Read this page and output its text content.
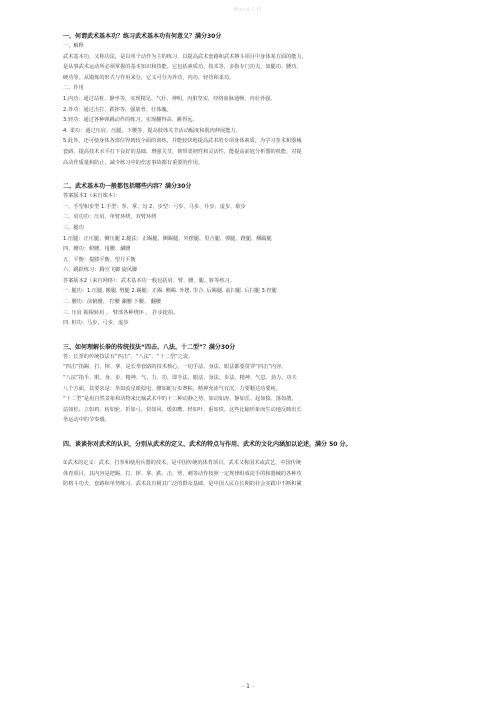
Word文档

一、何谓武术基本功？练习武术基本功有何意义？满分30分

一、解释

武术基本功，又称功法，是以单个动作为主的练习，以提高武术套路和武术搏斗项目中身体某方面的能力，

是从事武术运动所必须掌握的基本知识和技能。它包括素质功、技术等，多指专门功夫，如腿功、腰功、

硬功等。从锻炼的形式与作用来分，它又可分为外功、内功、轻功和柔功。

二、作用

1.内功：通过站桩、静坐等，实现精足、气壮、神明，内脏坚实，经络血脉通畅，内壮外强。

2.外功：通过击打、跌摔等，强筋骨、壮体魄。

3.轻功：通过各种弹跳动作的练习，实现翻得高、跳得远。

4. 柔功：通过压肩、压腿、下腰等，提高肢体关节活动幅度和肌肉伸展能力。

5.此外，还可使身体各部位得到较全面的训练，并能较快地提高武术的专项身体素质，为学习拳术和器械

套路，提高技术水平打下良好的基础，增强关节，韧带柔韧性和灵活性，能提高前庭分析器的机能，对提

高动作质量和防止，减少练习中的伤害事故都有重要的作用。

二、武术基本功一般都包括哪些内容？满分30分

答案版本1（来自课本）：

一、手型和步型 1.手型：拳、掌、勾 2、步型：弓步、马步、仆步、虚步、歇步

二、肩功功：压肩、单臂环绕、双臂环绕

三、腿功

1.压腿：正压腿、侧压腿 2.腿法：正踢腿、侧踢腿、外摆腿、里合腿、弹腿、蹬腿、侧踹腿

四、腰功：俯腰、甩腰、涮腰

五、平衡：提膝平衡、望月平衡

六、跳跃练习：腾空飞脚 旋风脚

答案版本2（来自网络）：武术基本功一般包括肩、臂、腰、腿、桩等练习。

一. 腿功：1.压腿. 搬腿. 劈腿 2.踢腿：正踢. 侧踢. 外摆. 里合. 后踢腿. 前扫腿. 后扫腿 3.控腿

二. 腰功：前俯腰、 拧腰 涮腰 下腰、 翻腰

三. 压肩 握棍转肩 、 臂部各种绕环 、 扑步抡拍。

四. 桩功：马步，弓步，虚步

三、如何理解长拳的传统技法“四击、八法、十二型”？满分30分

答：长拳的传统技法有“四击”、“八法”、“十二型”之说。

“四击”指踢、打、摔、拿，是长拳套路的技术核心。一切手法、身法、眼法都要贯穿“四击”内容。

“八法”指手、眼、身、步、精神、气、力、功，即手法、眼法、身法、步法、精神、气息、劲力、功夫

八个方面。其要求是：拳如流星眼似电，腰如蛇行步赛粘，精神充沛气宜沉，力要顺达功要纯。

“十二型”是用自然景象和动物来比喻武术中的十二种动静之势，如动如涛、静如岳、起如猿、落如鹊、

站如松、立如鸡、转如轮、折如弓、快如风、缓如鹰、轻如叶、重如铁。这些比喻形象而生动地反映出长

拳运动中的节奏感。

四、谈谈你对武术的认识，分别从武术的定义、武术的特点与作用、武术的文化内涵加以论述，满分 50 分。

①武术的定义：武术，打拳和使用兵器的技术，是中国传统的体育项目。武术又称国术或武艺，中国传统

体育项目。其内容是把踢、打、摔、拿、跌、击、劈、刺等动作按照一定规律组成徒手的和器械的各种攻

防格斗功夫、套路和单势练习。武术具有极其广泛的群众基础，是中国人民在长期的社会实践中不断积累

– 1 –
